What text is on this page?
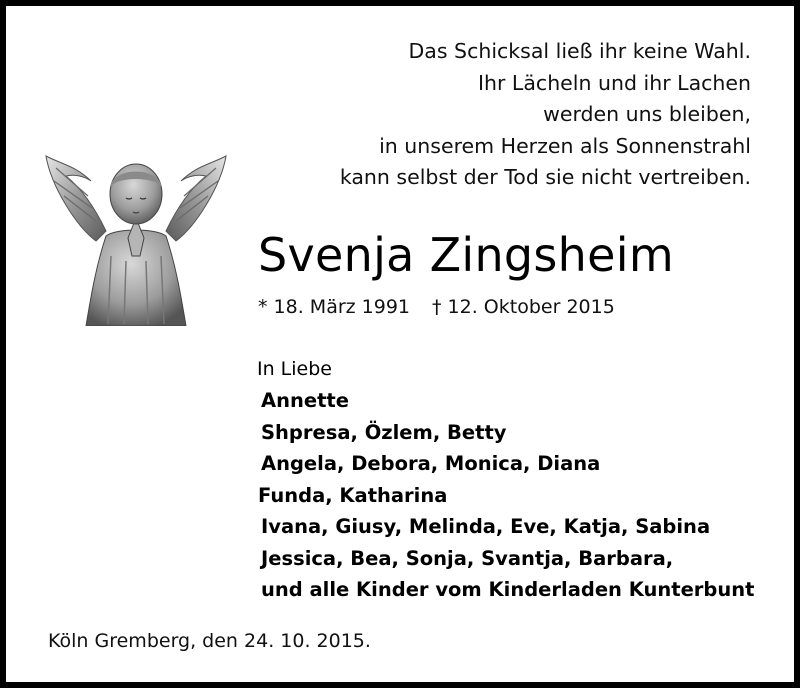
Das Schicksal ließ ihr keine Wahl.
Ihr Lächeln und ihr Lachen
werden uns bleiben,
in unserem Herzen als Sonnenstrahl
kann selbst der Tod sie nicht vertreiben.
Svenja Zingsheim
* 18. März 1991 † 12. Oktober 2015
In Liebe
Annette
Shpresa, Özlem, Betty
Angela, Debora, Monica, Diana
Funda, Katharina
Ivana, Giusy, Melinda, Eve, Katja, Sabina
Jessica, Bea, Sonja, Svantja, Barbara,
und alle Kinder vom Kinderladen Kunterbunt
Köln Gremberg, den 24. 10. 2015.
